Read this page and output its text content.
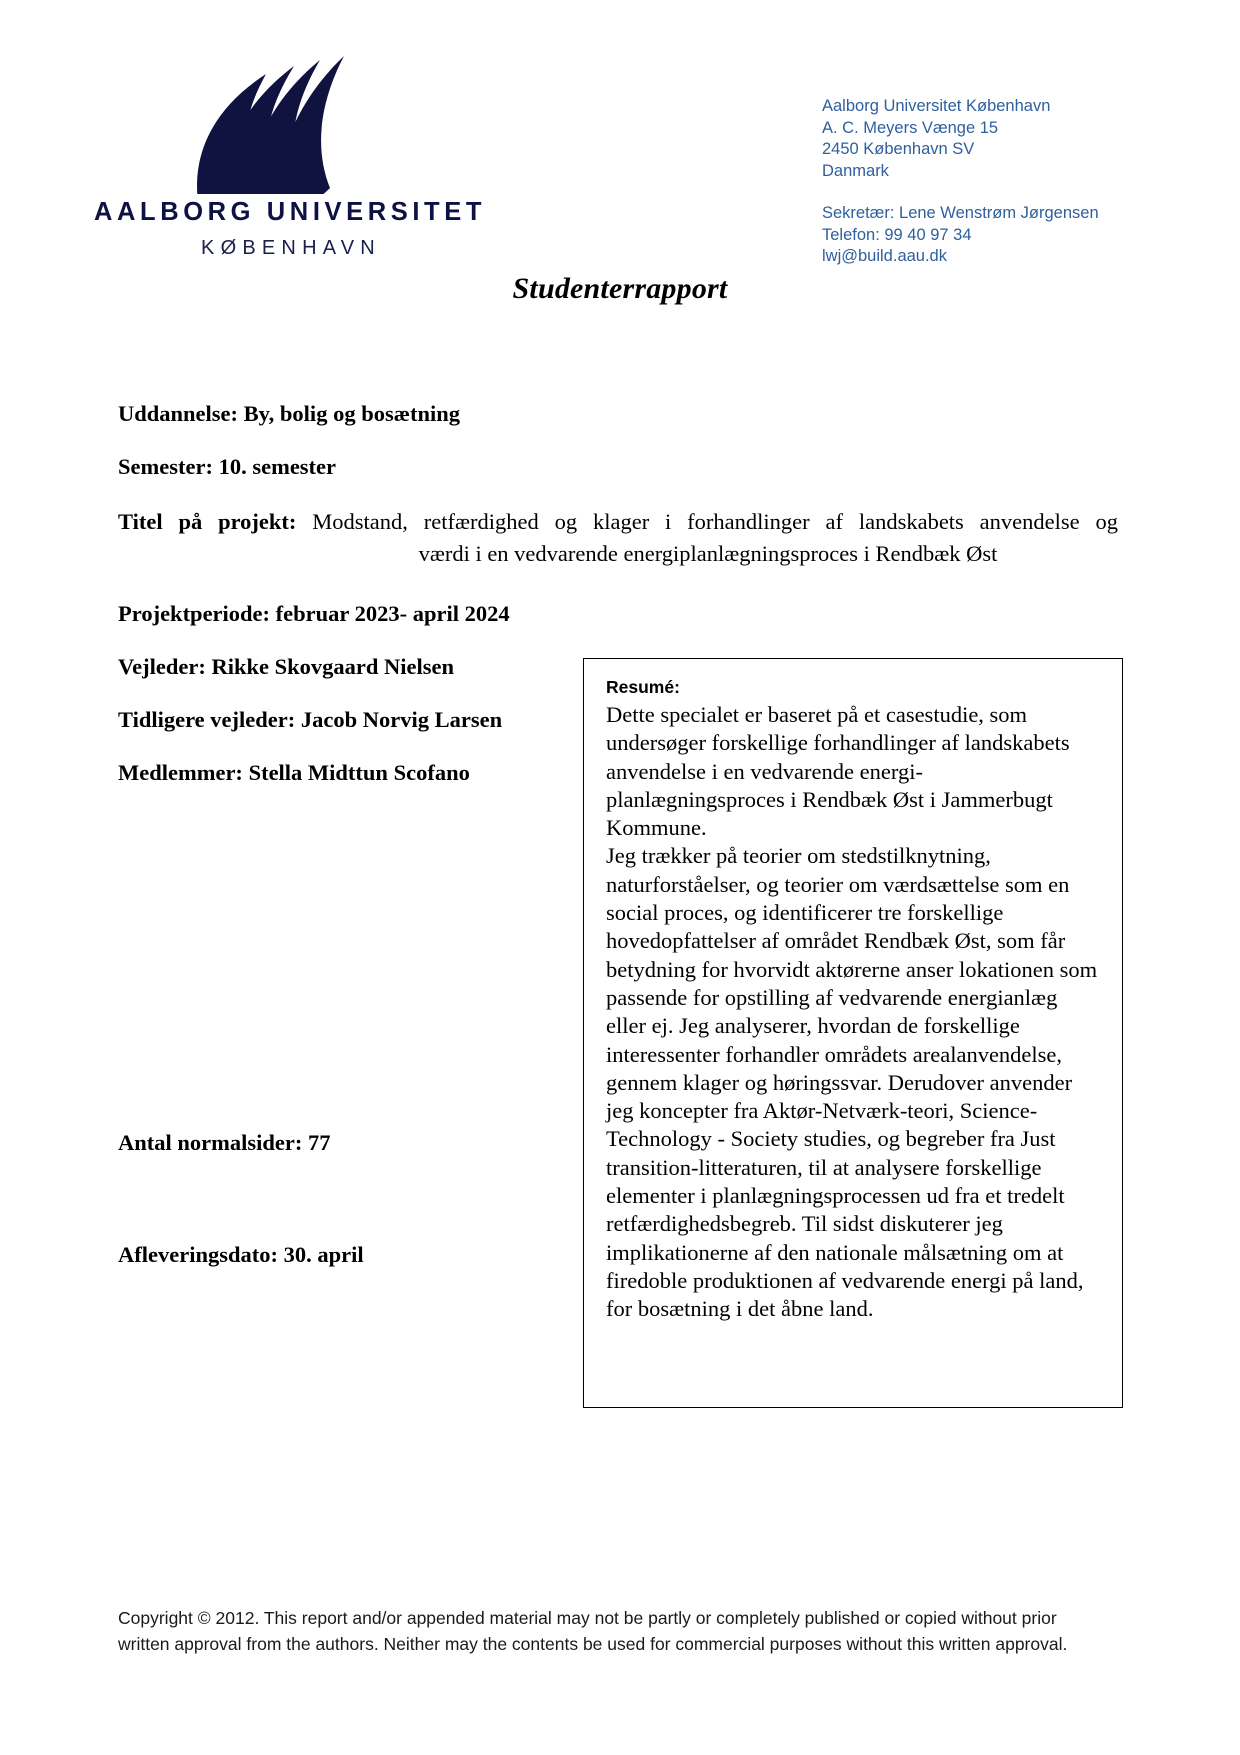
AALBORG UNIVERSITET
KØBENHAVN
Aalborg Universitet København
A. C. Meyers Vænge 15
2450 København SV
Danmark
Sekretær: Lene Wenstrøm Jørgensen
Telefon: 99 40 97 34
lwj@build.aau.dk
Studenterrapport
Uddannelse: By, bolig og bosætning
Semester: 10. semester
Titel på projekt: Modstand, retfærdighed og klager i forhandlinger af landskabets anvendelse og
værdi i en vedvarende energiplanlægningsproces i Rendbæk Øst
Projektperiode: februar 2023- april 2024
Vejleder: Rikke Skovgaard Nielsen
Tidligere vejleder: Jacob Norvig Larsen
Medlemmer: Stella Midttun Scofano
Antal normalsider: 77
Afleveringsdato: 30. april
Resumé:

Dette specialet er baseret på et casestudie, som undersøger forskellige forhandlinger af landskabets anvendelse i en vedvarende energi-planlægningsproces i Rendbæk Øst i Jammerbugt Kommune.

Jeg trækker på teorier om stedstilknytning, naturforståelser, og teorier om værdsættelse som en social proces, og identificerer tre forskellige hovedopfattelser af området Rendbæk Øst, som får betydning for hvorvidt aktørerne anser lokationen som passende for opstilling af vedvarende energianlæg eller ej. Jeg analyserer, hvordan de forskellige interessenter forhandler områdets arealanvendelse, gennem klager og høringssvar. Derudover anvender jeg koncepter fra Aktør-Netværk-teori, Science- Technology - Society studies, og begreber fra Just transition-litteraturen, til at analysere forskellige elementer i planlægningsprocessen ud fra et tredelt retfærdighedsbegreb. Til sidst diskuterer jeg implikationerne af den nationale målsætning om at firedoble produktionen af vedvarende energi på land, for bosætning i det åbne land.

Copyright © 2012. This report and/or appended material may not be partly or completely published or copied without prior
written approval from the authors. Neither may the contents be used for commercial purposes without this written approval.
